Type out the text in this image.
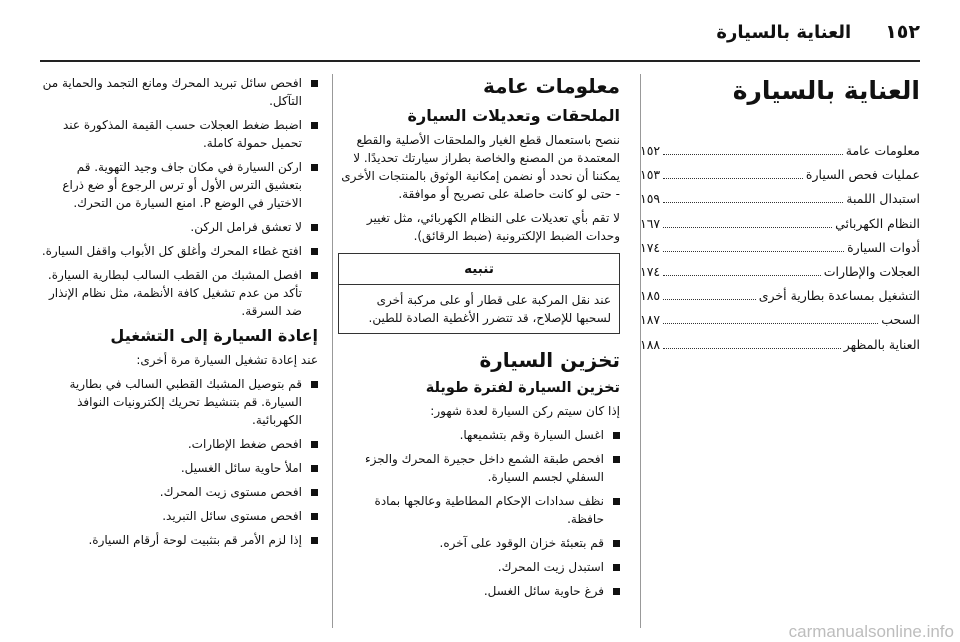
١٥٢
العناية بالسيارة
العناية بالسيارة
معلومات عامة
١٥٢
عمليات فحص السيارة
١٥٣
استبدال اللمبة
١٥٩
النظام الكهربائي
١٦٧
أدوات السيارة
١٧٤
العجلات والإطارات
١٧٤
التشغيل بمساعدة بطارية أخرى
١٨٥
السحب
١٨٧
العناية بالمظهر
١٨٨
معلومات عامة
الملحقات وتعديلات السيارة

ننصح باستعمال قطع الغيار والملحقات الأصلية والقطع المعتمدة من المصنع والخاصة بطراز سيارتك تحديدًا. لا يمكننا أن نحدد أو نضمن إمكانية الوثوق بالمنتجات الأخرى - حتى لو كانت حاصلة على تصريح أو موافقة.

لا تقم بأي تعديلات على النظام الكهربائي، مثل تغيير وحدات الضبط الإلكترونية (ضبط الرقائق).

تنبيه
عند نقل المركبة على قطار أو على مركبة أخرى لسحبها للإصلاح، قد تتضرر الأغطية الصادة للطين.
تخزين السيارة
تخزين السيارة لفترة طويلة

إذا كان سيتم ركن السيارة لعدة شهور:

اغسل السيارة وقم بتشميعها.
افحص طبقة الشمع داخل حجيرة المحرك والجزء السفلي لجسم السيارة.
نظف سدادات الإحكام المطاطية وعالجها بمادة حافظة.
قم بتعبئة خزان الوقود على آخره.
استبدل زيت المحرك.
فرغ حاوية سائل الغسل.
افحص سائل تبريد المحرك ومانع التجمد والحماية من التآكل.
اضبط ضغط العجلات حسب القيمة المذكورة عند تحميل حمولة كاملة.
اركن السيارة في مكان جاف وجيد التهوية. قم بتعشيق الترس الأول أو ترس الرجوع أو ضع ذراع الاختيار في الوضع P. امنع السيارة من التحرك.
لا تعشق فرامل الركن.
افتح غطاء المحرك وأغلق كل الأبواب واقفل السيارة.
افصل المشبك من القطب السالب لبطارية السيارة. تأكد من عدم تشغيل كافة الأنظمة، مثل نظام الإنذار ضد السرقة.
إعادة السيارة إلى التشغيل

عند إعادة تشغيل السيارة مرة أخرى:

قم بتوصيل المشبك القطبي السالب في بطارية السيارة. قم بتنشيط تحريك إلكترونيات النوافذ الكهربائية.
افحص ضغط الإطارات.
املأ حاوية سائل الغسيل.
افحص مستوى زيت المحرك.
افحص مستوى سائل التبريد.
إذا لزم الأمر قم بتثبيت لوحة أرقام السيارة.
carmanualsonline.info
